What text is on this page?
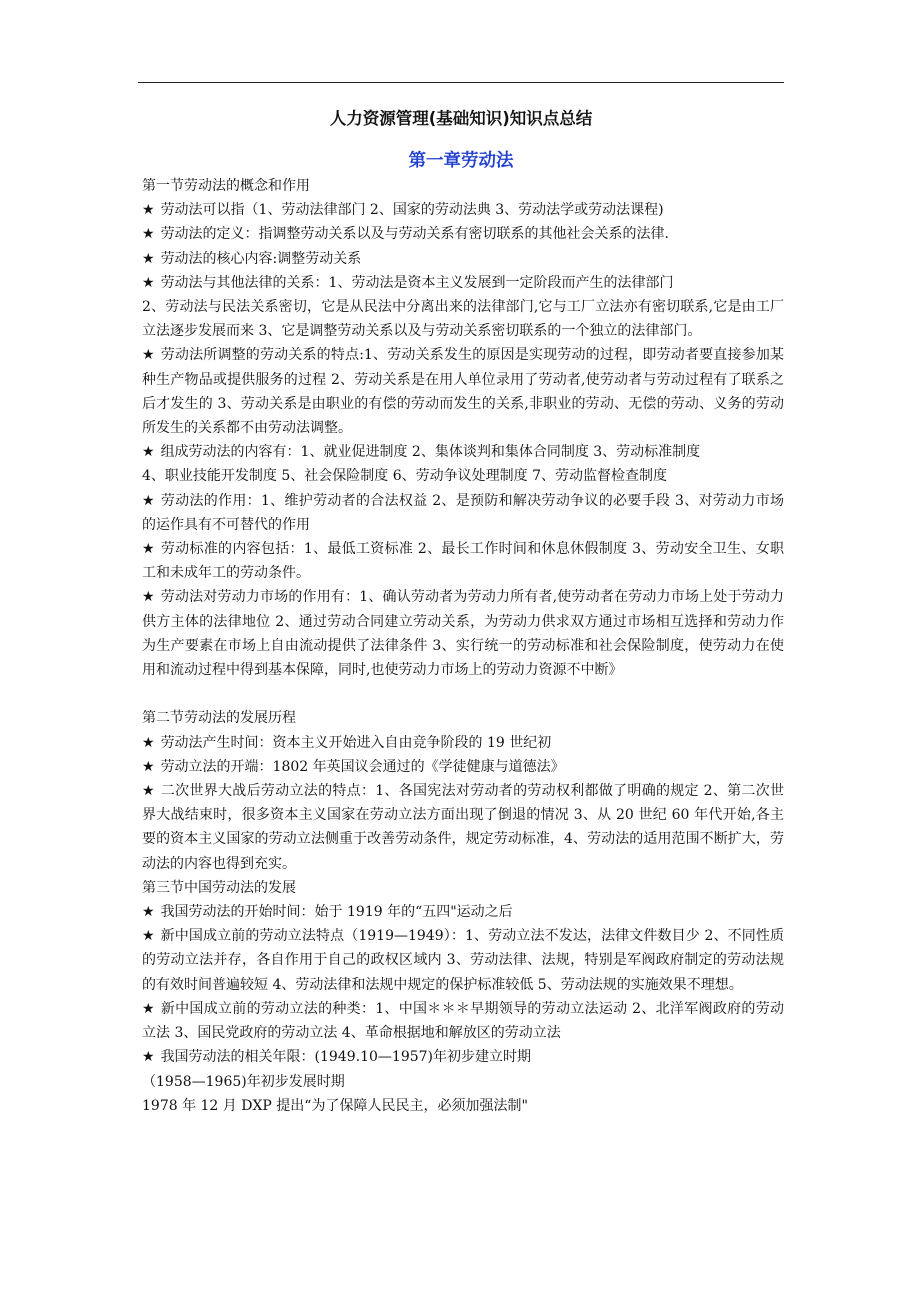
人力资源管理(基础知识)知识点总结
第一章劳动法

第一节劳动法的概念和作用

★ 劳动法可以指（1、劳动法律部门 2、国家的劳动法典 3、劳动法学或劳动法课程)

★ 劳动法的定义：指调整劳动关系以及与劳动关系有密切联系的其他社会关系的法律.

★ 劳动法的核心内容:调整劳动关系

★ 劳动法与其他法律的关系：1、劳动法是资本主义发展到一定阶段而产生的法律部门

2、劳动法与民法关系密切，它是从民法中分离出来的法律部门,它与工厂立法亦有密切联系,它是由工厂立法逐步发展而来 3、它是调整劳动关系以及与劳动关系密切联系的一个独立的法律部门。

★ 劳动法所调整的劳动关系的特点:1、劳动关系发生的原因是实现劳动的过程，即劳动者要直接参加某种生产物品或提供服务的过程 2、劳动关系是在用人单位录用了劳动者,使劳动者与劳动过程有了联系之后才发生的 3、劳动关系是由职业的有偿的劳动而发生的关系,非职业的劳动、无偿的劳动、义务的劳动所发生的关系都不由劳动法调整。

★ 组成劳动法的内容有：1、就业促进制度 2、集体谈判和集体合同制度 3、劳动标准制度

4、职业技能开发制度 5、社会保险制度 6、劳动争议处理制度 7、劳动监督检查制度

★ 劳动法的作用：1、维护劳动者的合法权益 2、是预防和解决劳动争议的必要手段 3、对劳动力市场的运作具有不可替代的作用

★ 劳动标准的内容包括：1、最低工资标准 2、最长工作时间和休息休假制度 3、劳动安全卫生、女职工和未成年工的劳动条件。

★ 劳动法对劳动力市场的作用有：1、确认劳动者为劳动力所有者,使劳动者在劳动力市场上处于劳动力供方主体的法律地位 2、通过劳动合同建立劳动关系，为劳动力供求双方通过市场相互选择和劳动力作为生产要素在市场上自由流动提供了法律条件 3、实行统一的劳动标准和社会保险制度，使劳动力在使用和流动过程中得到基本保障，同时,也使劳动力市场上的劳动力资源不中断》

第二节劳动法的发展历程

★ 劳动法产生时间：资本主义开始进入自由竞争阶段的 19 世纪初

★ 劳动立法的开端：1802 年英国议会通过的《学徒健康与道德法》

★ 二次世界大战后劳动立法的特点：1、各国宪法对劳动者的劳动权利都做了明确的规定 2、第二次世界大战结束时，很多资本主义国家在劳动立法方面出现了倒退的情况 3、从 20 世纪 60 年代开始,各主要的资本主义国家的劳动立法侧重于改善劳动条件，规定劳动标准，4、劳动法的适用范围不断扩大，劳动法的内容也得到充实。

第三节中国劳动法的发展

★ 我国劳动法的开始时间：始于 1919 年的“五四"运动之后

★ 新中国成立前的劳动立法特点（1919—1949）：1、劳动立法不发达，法律文件数目少 2、不同性质的劳动立法并存，各自作用于自己的政权区域内 3、劳动法律、法规，特别是军阀政府制定的劳动法规的有效时间普遍较短 4、劳动法律和法规中规定的保护标准较低 5、劳动法规的实施效果不理想。

★ 新中国成立前的劳动立法的种类：1、中国＊＊＊早期领导的劳动立法运动 2、北洋军阀政府的劳动立法 3、国民党政府的劳动立法 4、革命根据地和解放区的劳动立法

★ 我国劳动法的相关年限：(1949.10—1957)年初步建立时期

（1958—1965)年初步发展时期

1978 年 12 月 DXP 提出“为了保障人民民主，必须加强法制"
